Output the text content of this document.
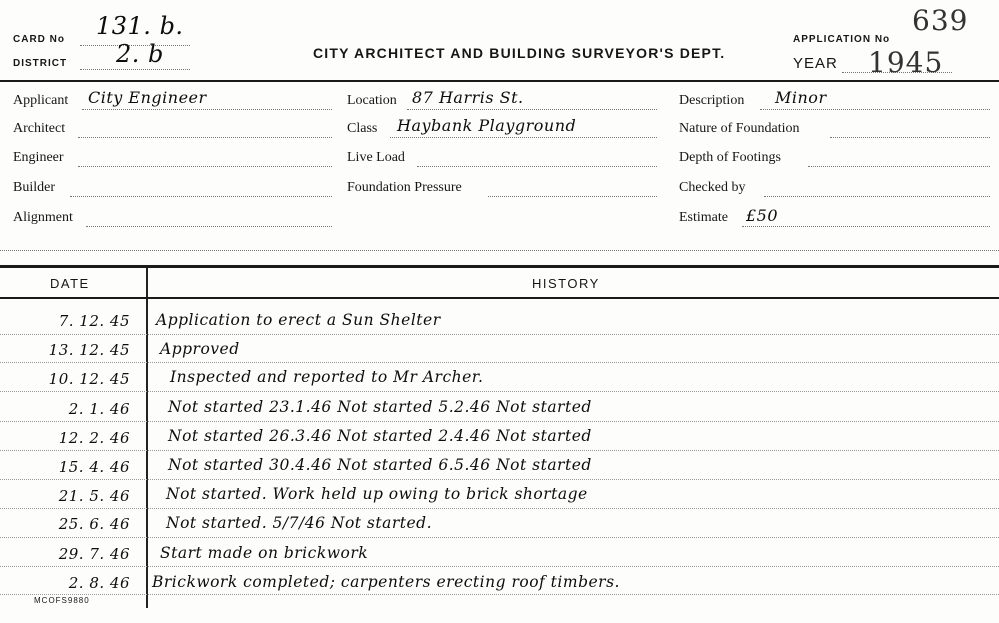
CARD No 131. b.
DISTRICT 2. b	CITY ARCHITECT AND BUILDING SURVEYOR'S DEPT.
APPLICATION No
639
YEAR 1945
Applicant City Engineer
Architect
Engineer
Builder
Alignment
Location 87 Harris St.
Class Haybank Playground
Live Load
Foundation Pressure
Description Minor
Nature of Foundation
Depth of Footings
Checked by
Estimate £50
DATE	HISTORY
7. 12. 45 Application to erect a Sun Shelter
13. 12. 45 Approved
10. 12. 45	Inspected and reported to Mr Archer.
2. 1. 46 Not started 23.1.46 Not started 5.2.46 Not started
12. 2. 46 Not started 26.3.46 Not started 2.4.46 Not started
15. 4. 46 Not started 30.4.46 Not started 6.5.46 Not started
21. 5. 46 Not started. Work held up owing to brick shortage
25. 6. 46 Not started. 5/7/46 Not started.
29. 7. 46 Start made on brickwork
2. 8. 46 Brickwork completed; carpenters erecting roof timbers.
MCOFS9880
